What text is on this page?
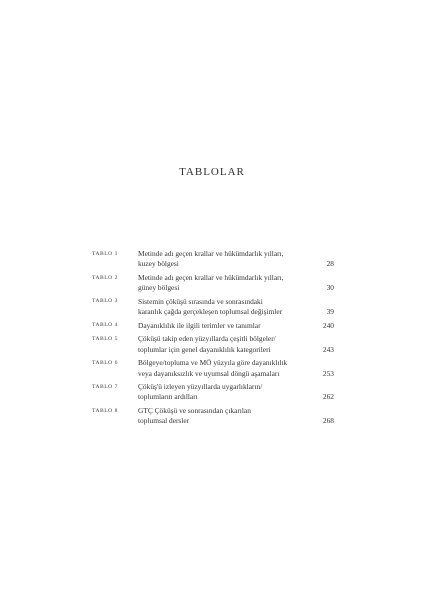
TABLOLAR
TABLO 1	Metinde adı geçen krallar ve hükümdarlık yılları,
kuzey bölgesi	28
TABLO 2	Metinde adı geçen krallar ve hükümdarlık yılları,
güney bölgesi	30
TABLO 3	Sistemin çöküşü sırasında ve sonrasındaki
karanlık çağda gerçekleşen toplumsal değişimler	39
TABLO 4	Dayanıklılık ile ilgili terimler ve tanımlar	240
TABLO 5	Çöküşü takip eden yüzyıllarda çeşitli bölgeler/
toplumlar için genel dayanıklılık kategorileri	243
TABLO 6	Bölgeye/topluma ve MÖ yüzyıla göre dayanıklılık
veya dayanıksızlık ve uyumsal döngü aşamaları	253
TABLO 7	Çöküş'ü izleyen yüzyıllarda uygarlıkların/
toplumların ardılları	262
TABLO 8	GTÇ Çöküşü ve sonrasından çıkarılan
toplumsal dersler	268
